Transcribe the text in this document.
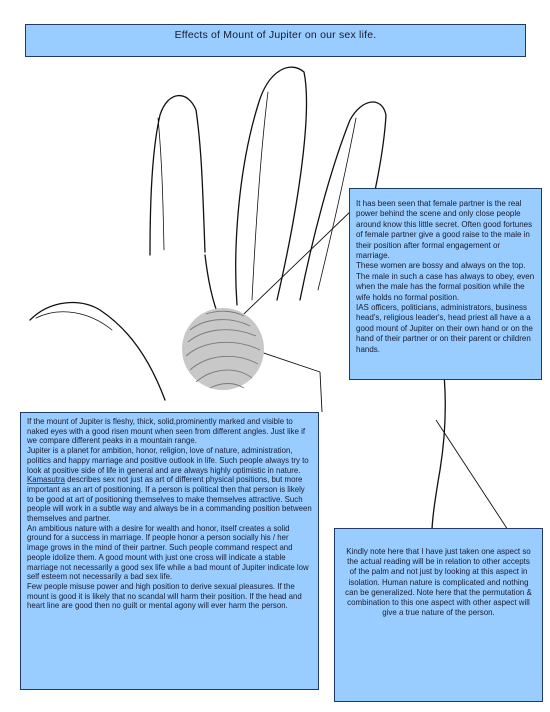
Effects of Mount of Jupiter on our sex life.
It has been seen that female partner is the real power behind the scene and only close people around know this little secret. Often good fortunes of female partner give a good raise to the male in their position after formal engagement or marriage.
These women are bossy and always on the top. The male in such a case has always to obey, even when the male has the formal position while the wife holds no formal position.
IAS officers, politicians, administrators, business head's, religious leader's, head priest all have a a good mount of Jupiter on their own hand or on the hand of their partner or on their parent or children hands.
If the mount of Jupiter is fleshy, thick, solid,prominently marked and visible to naked eyes with a good risen mount when seen from different angles. Just like if we compare different peaks in a mountain range.
Jupiter is a planet for ambition, honor, religion, love of nature, administration, politics and happy marriage and positive outlook in life. Such people always try to look at positive side of life in general and are always highly optimistic in nature.
Kamasutra describes sex not just as art of different physical positions, but more important as an art of positioning. If a person is political then that person is likely to be good at art of positioning themselves to make themselves attractive. Such people will work in a subtle way and always be in a commanding position between themselves and partner.
An ambitious nature with a desire for wealth and honor, itself creates a solid ground for a success in marriage. If people honor a person socially his / her image grows in the mind of their partner. Such people command respect and people idolize them. A good mount with just one cross will indicate a stable marriage not necessarily a good sex life while a bad mount of Jupiter indicate low self esteem not necessarily a bad sex life.
Few people misuse power and high position to derive sexual pleasures. If the mount is good it is likely that no scandal will harm their position. If the head and heart line are good then no guilt or mental agony will ever harm the person.
Kindly note here that I have just taken one aspect so the actual reading will be in relation to other accepts of the palm and not just by looking at this aspect in isolation. Human nature is complicated and nothing can be generalized. Note here that the permutation & combination to this one aspect with other aspect will give a true nature of the person.
